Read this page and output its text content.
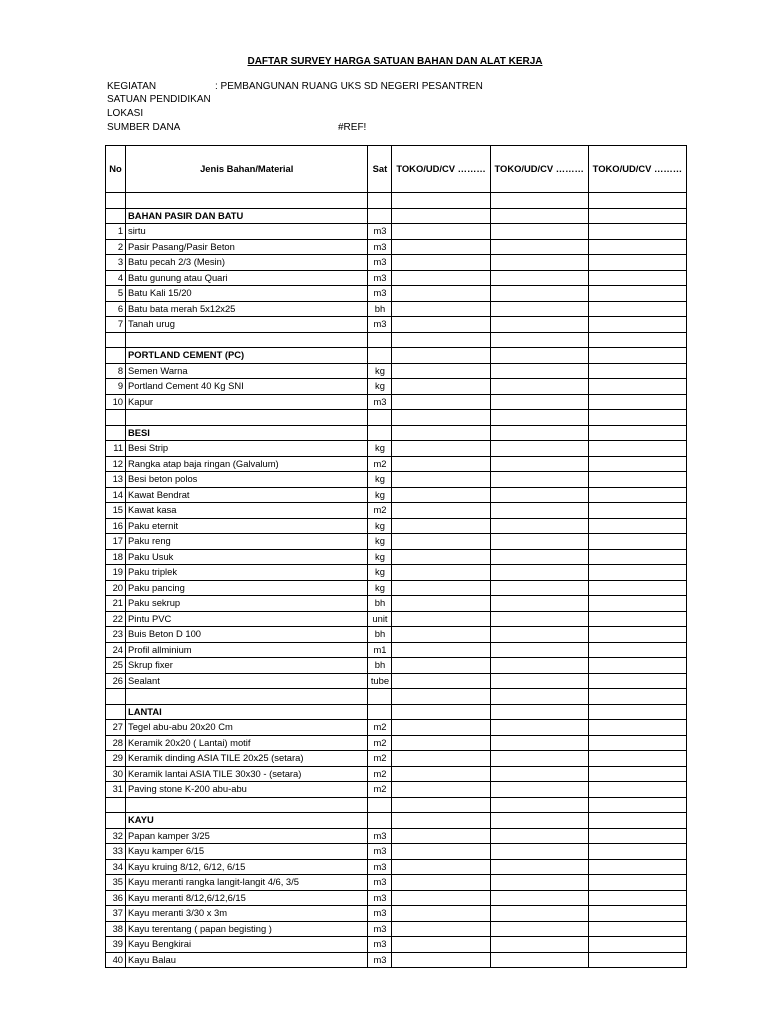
DAFTAR SURVEY HARGA SATUAN BAHAN DAN ALAT KERJA
KEGIATAN	: PEMBANGUNAN RUANG UKS SD NEGERI PESANTREN
SATUAN PENDIDIKAN
LOKASI
SUMBER DANA	#REF!
No	Jenis Bahan/Material	Sat	TOKO/UD/CV ………	TOKO/UD/CV ………	TOKO/UD/CV ………

	BAHAN PASIR DAN BATU				
1	sirtu	m3			
2	Pasir Pasang/Pasir Beton	m3			
3	Batu pecah 2/3 (Mesin)	m3			
4	Batu gunung atau Quari	m3			
5	Batu Kali 15/20	m3			
6	Batu bata merah 5x12x25	bh			
7	Tanah urug	m3			

	PORTLAND CEMENT (PC)				
8	Semen Warna	kg			
9	Portland Cement 40 Kg SNI	kg			
10	Kapur	m3			

	BESI				
11	Besi Strip	kg			
12	Rangka atap baja ringan (Galvalum)	m2			
13	Besi beton polos	kg			
14	Kawat Bendrat	kg			
15	Kawat kasa	m2			
16	Paku eternit	kg			
17	Paku reng	kg			
18	Paku Usuk	kg			
19	Paku triplek	kg			
20	Paku pancing	kg			
21	Paku sekrup	bh			
22	Pintu PVC	unit			
23	Buis Beton D 100	bh			
24	Profil allminium	m1			
25	Skrup fixer	bh			
26	Sealant	tube			

	LANTAI				
27	Tegel abu-abu 20x20 Cm	m2			
28	Keramik 20x20 ( Lantai) motif	m2			
29	Keramik dinding ASIA TILE 20x25 (setara)	m2			
30	Keramik lantai ASIA TILE 30x30 - (setara)	m2			
31	Paving stone K-200 abu-abu	m2			

	KAYU				
32	Papan kamper 3/25	m3			
33	Kayu kamper 6/15	m3			
34	Kayu kruing 8/12, 6/12, 6/15	m3			
35	Kayu meranti rangka langit-langit 4/6, 3/5	m3			
36	Kayu meranti 8/12,6/12,6/15	m3			
37	Kayu meranti 3/30 x 3m	m3			
38	Kayu terentang ( papan begisting )	m3			
39	Kayu Bengkirai	m3			
40	Kayu Balau	m3			
